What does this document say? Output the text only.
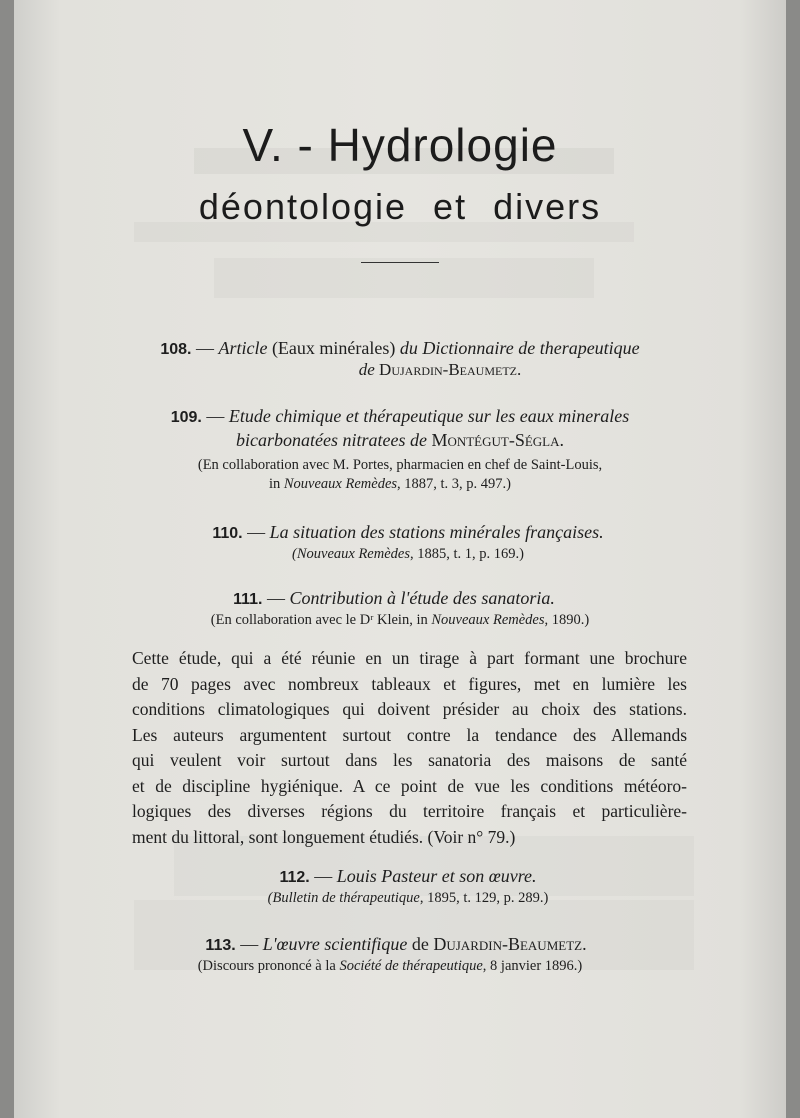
V. - Hydrologie
déontologie et divers
108. — Article (Eaux minérales) du Dictionnaire de therapeutique
de Dujardin-Beaumetz.
109. — Etude chimique et thérapeutique sur les eaux minerales
bicarbonatées nitratees de Montégut-Ségla.
(En collaboration avec M. Portes, pharmacien en chef de Saint-Louis,
in Nouveaux Remèdes, 1887, t. 3, p. 497.)
110. — La situation des stations minérales françaises.
(Nouveaux Remèdes, 1885, t. 1, p. 169.)
111. — Contribution à l'étude des sanatoria.
(En collaboration avec le Dʳ Klein, in Nouveaux Remèdes, 1890.)
Cette étude, qui a été réunie en un tirage à part formant une brochure
de 70 pages avec nombreux tableaux et figures, met en lumière les
conditions climatologiques qui doivent présider au choix des stations.
Les auteurs argumentent surtout contre la tendance des Allemands
qui veulent voir surtout dans les sanatoria des maisons de santé
et de discipline hygiénique. A ce point de vue les conditions météoro-
logiques des diverses régions du territoire français et particulière-
ment du littoral, sont longuement étudiés. (Voir n° 79.)
112. — Louis Pasteur et son œuvre.
(Bulletin de thérapeutique, 1895, t. 129, p. 289.)
113. — L'œuvre scientifique de Dujardin-Beaumetz.
(Discours prononcé à la Société de thérapeutique, 8 janvier 1896.)
